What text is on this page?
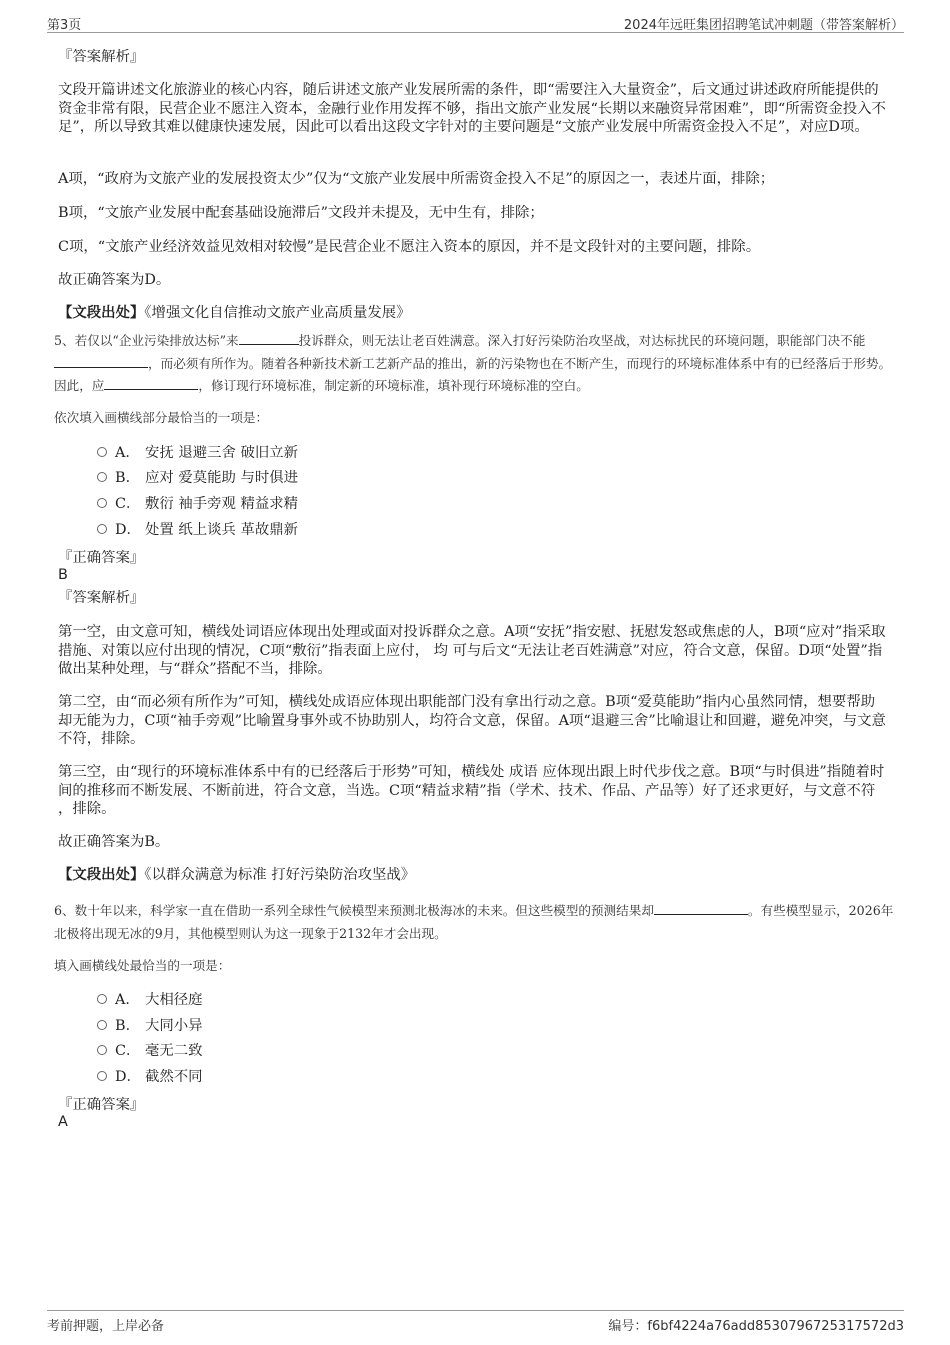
第3页	2024年远旺集团招聘笔试冲刺题（带答案解析）
『答案解析』

文段开篇讲述文化旅游业的核心内容，随后讲述文旅产业发展所需的条件，即“需要注入大量资金”，后文通过讲述政府所能提供的资金非常有限，民营企业不愿注入资本，金融行业作用发挥不够，指出文旅产业发展“长期以来融资异常困难”，即“所需资金投入不足”，所以导致其难以健康快速发展，因此可以看出这段文字针对的主要问题是“文旅产业发展中所需资金投入不足”，对应D项。

A项，“政府为文旅产业的发展投资太少”仅为“文旅产业发展中所需资金投入不足”的原因之一，表述片面，排除；

B项，“文旅产业发展中配套基础设施滞后”文段并未提及，无中生有，排除；

C项，“文旅产业经济效益见效相对较慢”是民营企业不愿注入资本的原因，并不是文段针对的主要问题，排除。

故正确答案为D。

【文段出处】《增强文化自信推动文旅产业高质量发展》

5、若仅以“企业污染排放达标”来	投诉群众，则无法让老百姓满意。深入打好污染防治攻坚战，对达标扰民的环境问题，职能部门决不能，而必须有所作为。随着各种新技术新工艺新产品的推出，新的污染物也在不断产生，而现行的环境标准体系中有的已经落后于形势。因此，应	，修订现行环境标准，制定新的环境标准，填补现行环境标准的空白。

依次填入画横线部分最恰当的一项是：
A． 安抚 退避三舍 破旧立新
B． 应对 爱莫能助 与时俱进
C． 敷衍 袖手旁观 精益求精
D． 处置 纸上谈兵 革故鼎新
『正确答案』
B
『答案解析』

第一空，由文意可知，横线处词语应体现出处理或面对投诉群众之意。A项“安抚”指安慰、抚慰发怒或焦虑的人，B项“应对”指采取措施、对策以应付出现的情况，C项“敷衍”指表面上应付， 均 可与后文“无法让老百姓满意”对应，符合文意，保留。D项“处置”指做出某种处理，与“群众”搭配不当，排除。

第二空，由“而必须有所作为”可知，横线处成语应体现出职能部门没有拿出行动之意。B项“爱莫能助”指内心虽然同情，想要帮助却无能为力，C项“袖手旁观”比喻置身事外或不协助别人，均符合文意，保留。A项“退避三舍”比喻退让和回避，避免冲突，与文意不符，排除。

第三空，由“现行的环境标准体系中有的已经落后于形势”可知，横线处 成语 应体现出跟上时代步伐之意。B项“与时俱进”指随着时间的推移而不断发展、不断前进，符合文意，当选。C项“精益求精”指（学术、技术、作品、产品等）好了还求更好，与文意不符 ，排除。

故正确答案为B。

【文段出处】《以群众满意为标准 打好污染防治攻坚战》

6、数十年以来，科学家一直在借助一系列全球性气候模型来预测北极海冰的未来。但这些模型的预测结果却	。有些模型显示，2026年北极将出现无冰的9月，其他模型则认为这一现象于2132年才会出现。

填入画横线处最恰当的一项是：
A． 大相径庭
B． 大同小异
C． 毫无二致
D． 截然不同
『正确答案』
A
考前押题，上岸必备	编号：f6bf4224a76add8530796725317572d3
